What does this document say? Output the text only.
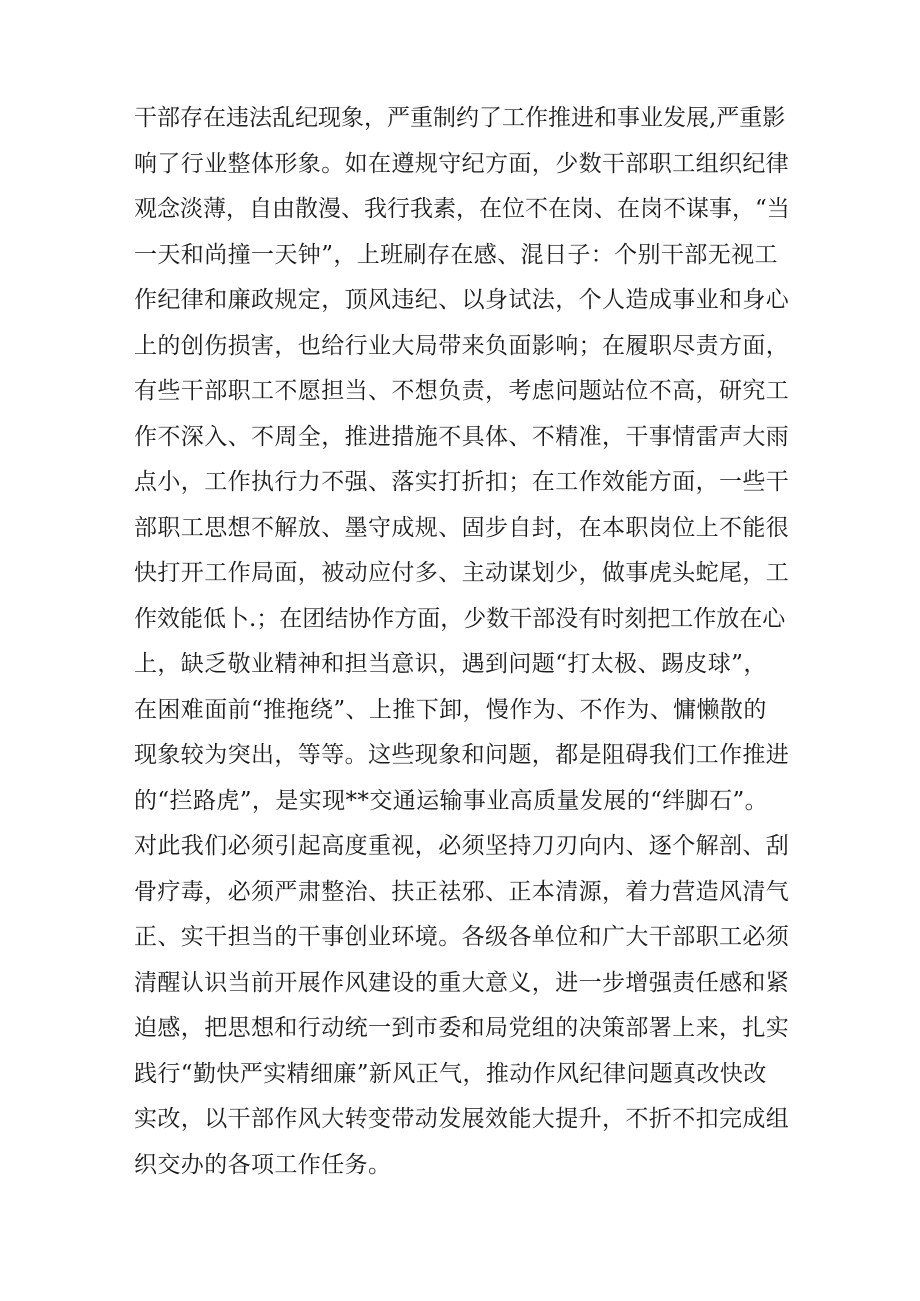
干部存在违法乱纪现象，严重制约了工作推进和事业发展,严重影
响了行业整体形象。如在遵规守纪方面，少数干部职工组织纪律
观念淡薄，自由散漫、我行我素，在位不在岗、在岗不谋事，“当
一天和尚撞一天钟”，上班刷存在感、混日子：个别干部无视工
作纪律和廉政规定，顶风违纪、以身试法，个人造成事业和身心
上的创伤损害，也给行业大局带来负面影响；在履职尽责方面，
有些干部职工不愿担当、不想负责，考虑问题站位不高，研究工
作不深入、不周全，推进措施不具体、不精准，干事情雷声大雨
点小，工作执行力不强、落实打折扣；在工作效能方面，一些干
部职工思想不解放、墨守成规、固步自封，在本职岗位上不能很
快打开工作局面，被动应付多、主动谋划少，做事虎头蛇尾，工
作效能低卜.；在团结协作方面，少数干部没有时刻把工作放在心
上，缺乏敬业精神和担当意识，遇到问题“打太极、踢皮球”，
在困难面前“推拖绕”、上推下卸，慢作为、不作为、慵懒散的
现象较为突出，等等。这些现象和问题，都是阻碍我们工作推进
的“拦路虎”，是实现**交通运输事业高质量发展的“绊脚石”。
对此我们必须引起高度重视，必须坚持刀刃向内、逐个解剖、刮
骨疗毒，必须严肃整治、扶正祛邪、正本清源，着力营造风清气
正、实干担当的干事创业环境。各级各单位和广大干部职工必须
清醒认识当前开展作风建设的重大意义，进一步增强责任感和紧
迫感，把思想和行动统一到市委和局党组的决策部署上来，扎实
践行“勤快严实精细廉”新风正气，推动作风纪律问题真改快改
实改，以干部作风大转变带动发展效能大提升，不折不扣完成组
织交办的各项工作任务。
